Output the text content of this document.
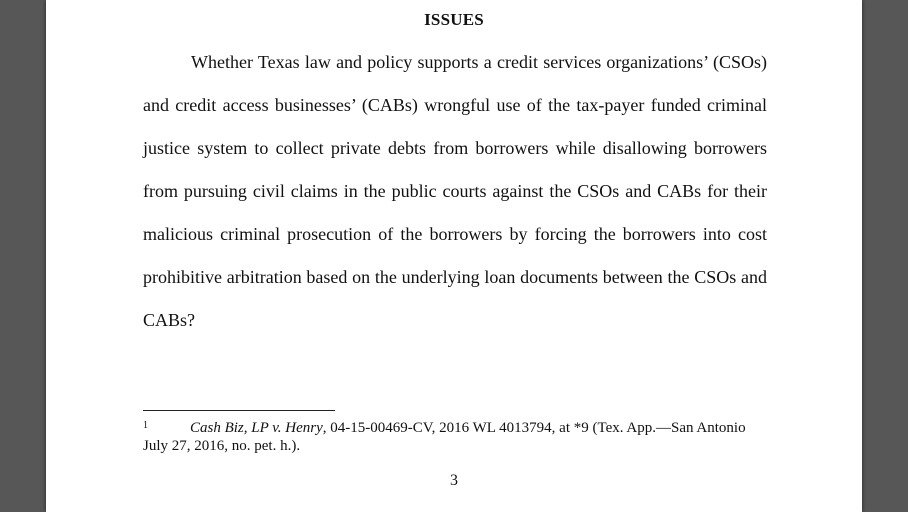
ISSUES

Whether Texas law and policy supports a credit services organizations’ (CSOs) and credit access businesses’ (CABs) wrongful use of the tax-payer funded criminal justice system to collect private debts from borrowers while disallowing borrowers from pursuing civil claims in the public courts against the CSOs and CABs for their malicious criminal prosecution of the borrowers by forcing the borrowers into cost prohibitive arbitration based on the underlying loan documents between the CSOs and CABs?

$^1$	Cash Biz, LP v. Henry, 04-15-00469-CV, 2016 WL 4013794, at *9 (Tex. App.—San Antonio July 27, 2016, no. pet. h.).
3
